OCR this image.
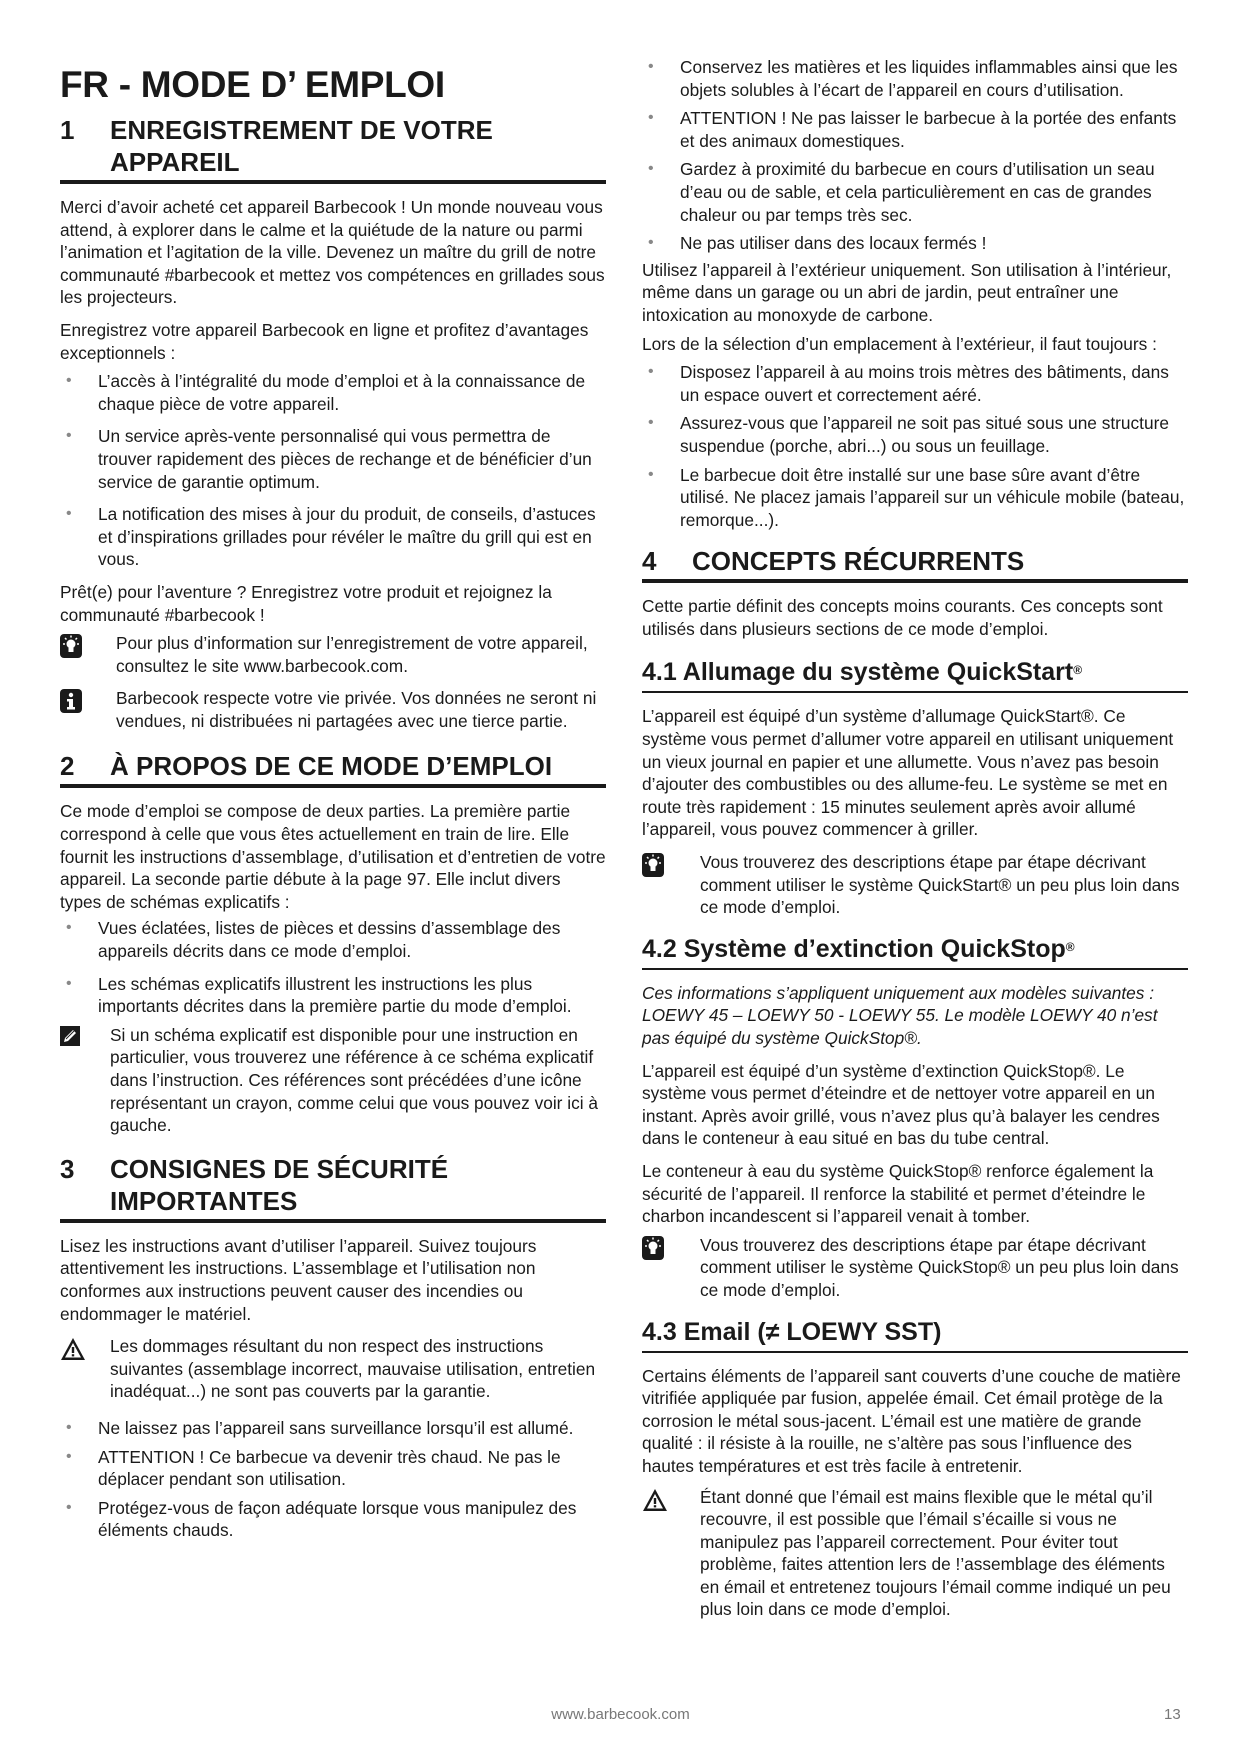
FR - MODE D’ EMPLOI
1	ENREGISTREMENT DE VOTRE APPAREIL

Merci d’avoir acheté cet appareil Barbecook ! Un monde nouveau vous attend, à explorer dans le calme et la quiétude de la nature ou parmi l’animation et l’agitation de la ville. Devenez un maître du grill de notre communauté #barbecook et mettez vos compétences en grillades sous les projecteurs.

Enregistrez votre appareil Barbecook en ligne et profitez d’avantages exceptionnels :

• L’accès à l’intégralité du mode d’emploi et à la connaissance de chaque pièce de votre appareil.
• Un service après-vente personnalisé qui vous permettra de trouver rapidement des pièces de rechange et de bénéficier d’un service de garantie optimum.
• La notification des mises à jour du produit, de conseils, d’astuces et d’inspirations grillades pour révéler le maître du grill qui est en vous.

Prêt(e) pour l’aventure ? Enregistrez votre produit et rejoignez la communauté #barbecook !

Pour plus d’information sur l’enregistrement de votre appareil, consultez le site www.barbecook.com.
Barbecook respecte votre vie privée. Vos données ne seront ni vendues, ni distribuées ni partagées avec une tierce partie.
2	À PROPOS DE CE MODE D’EMPLOI

Ce mode d’emploi se compose de deux parties. La première partie correspond à celle que vous êtes actuellement en train de lire. Elle fournit les instructions d’assemblage, d’utilisation et d’entretien de votre appareil. La seconde partie débute à la page 97. Elle inclut divers types de schémas explicatifs :

• Vues éclatées, listes de pièces et dessins d’assemblage des appareils décrits dans ce mode d’emploi.
• Les schémas explicatifs illustrent les instructions les plus importants décrites dans la première partie du mode d’emploi.
Si un schéma explicatif est disponible pour une instruction en particulier, vous trouverez une référence à ce schéma explicatif dans l’instruction. Ces références sont précédées d’une icône représentant un crayon, comme celui que vous pouvez voir ici à gauche.
3	CONSIGNES DE SÉCURITÉ IMPORTANTES

Lisez les instructions avant d’utiliser l’appareil. Suivez toujours attentivement les instructions. L’assemblage et l’utilisation non conformes aux instructions peuvent causer des incendies ou endommager le matériel.

Les dommages résultant du non respect des instructions suivantes (assemblage incorrect, mauvaise utilisation, entretien inadéquat...) ne sont pas couverts par la garantie.
• Ne laissez pas l’appareil sans surveillance lorsqu’il est allumé.
• ATTENTION ! Ce barbecue va devenir très chaud. Ne pas le déplacer pendant son utilisation.
• Protégez-vous de façon adéquate lorsque vous manipulez des éléments chauds.
• Conservez les matières et les liquides inflammables ainsi que les objets solubles à l’écart de l’appareil en cours d’utilisation.
• ATTENTION ! Ne pas laisser le barbecue à la portée des enfants et des animaux domestiques.
• Gardez à proximité du barbecue en cours d’utilisation un seau d’eau ou de sable, et cela particulièrement en cas de grandes chaleur ou par temps très sec.
• Ne pas utiliser dans des locaux fermés !

Utilisez l’appareil à l’extérieur uniquement. Son utilisation à l’intérieur, même dans un garage ou un abri de jardin, peut entraîner une intoxication au monoxyde de carbone.

Lors de la sélection d’un emplacement à l’extérieur, il faut toujours :

• Disposez l’appareil à au moins trois mètres des bâtiments, dans un espace ouvert et correctement aéré.
• Assurez-vous que l’appareil ne soit pas situé sous une structure suspendue (porche, abri...) ou sous un feuillage.
• Le barbecue doit être installé sur une base sûre avant d’être utilisé. Ne placez jamais l’appareil sur un véhicule mobile (bateau, remorque...).
4	CONCEPTS RÉCURRENTS

Cette partie définit des concepts moins courants. Ces concepts sont utilisés dans plusieurs sections de ce mode d’emploi.

4.1 Allumage du système QuickStart®

L’appareil est équipé d’un système d’allumage QuickStart®. Ce système vous permet d’allumer votre appareil en utilisant uniquement un vieux journal en papier et une allumette. Vous n’avez pas besoin d’ajouter des combustibles ou des allume-feu. Le système se met en route très rapidement : 15 minutes seulement après avoir allumé l’appareil, vous pouvez commencer à griller.

Vous trouverez des descriptions étape par étape décrivant comment utiliser le système QuickStart® un peu plus loin dans ce mode d’emploi.
4.2 Système d’extinction QuickStop®

Ces informations s’appliquent uniquement aux modèles suivantes : LOEWY 45 – LOEWY 50 - LOEWY 55. Le modèle LOEWY 40 n’est pas équipé du système QuickStop®.

L’appareil est équipé d’un système d’extinction QuickStop®. Le système vous permet d’éteindre et de nettoyer votre appareil en un instant. Après avoir grillé, vous n’avez plus qu’à balayer les cendres dans le conteneur à eau situé en bas du tube central.

Le conteneur à eau du système QuickStop® renforce également la sécurité de l’appareil. Il renforce la stabilité et permet d’éteindre le charbon incandescent si l’appareil venait à tomber.

Vous trouverez des descriptions étape par étape décrivant comment utiliser le système QuickStop® un peu plus loin dans ce mode d’emploi.
4.3 Email (≠ LOEWY SST)

Certains éléments de l’appareil sant couverts d’une couche de matière vitrifiée appliquée par fusion, appelée émail. Cet émail protège de la corrosion le métal sous-jacent. L’émail est une matière de grande qualité : il résiste à la rouille, ne s’altère pas sous l’influence des hautes températures et est très facile à entretenir.

Étant donné que l’émail est mains flexible que le métal qu’il recouvre, il est possible que l’émail s’écaille si vous ne manipulez pas l’appareil correctement. Pour éviter tout problème, faites attention lers de !’assemblage des éléments en émail et entretenez toujours l’émail comme indiqué un peu plus loin dans ce mode d’emploi.
www.barbecook.com	13
